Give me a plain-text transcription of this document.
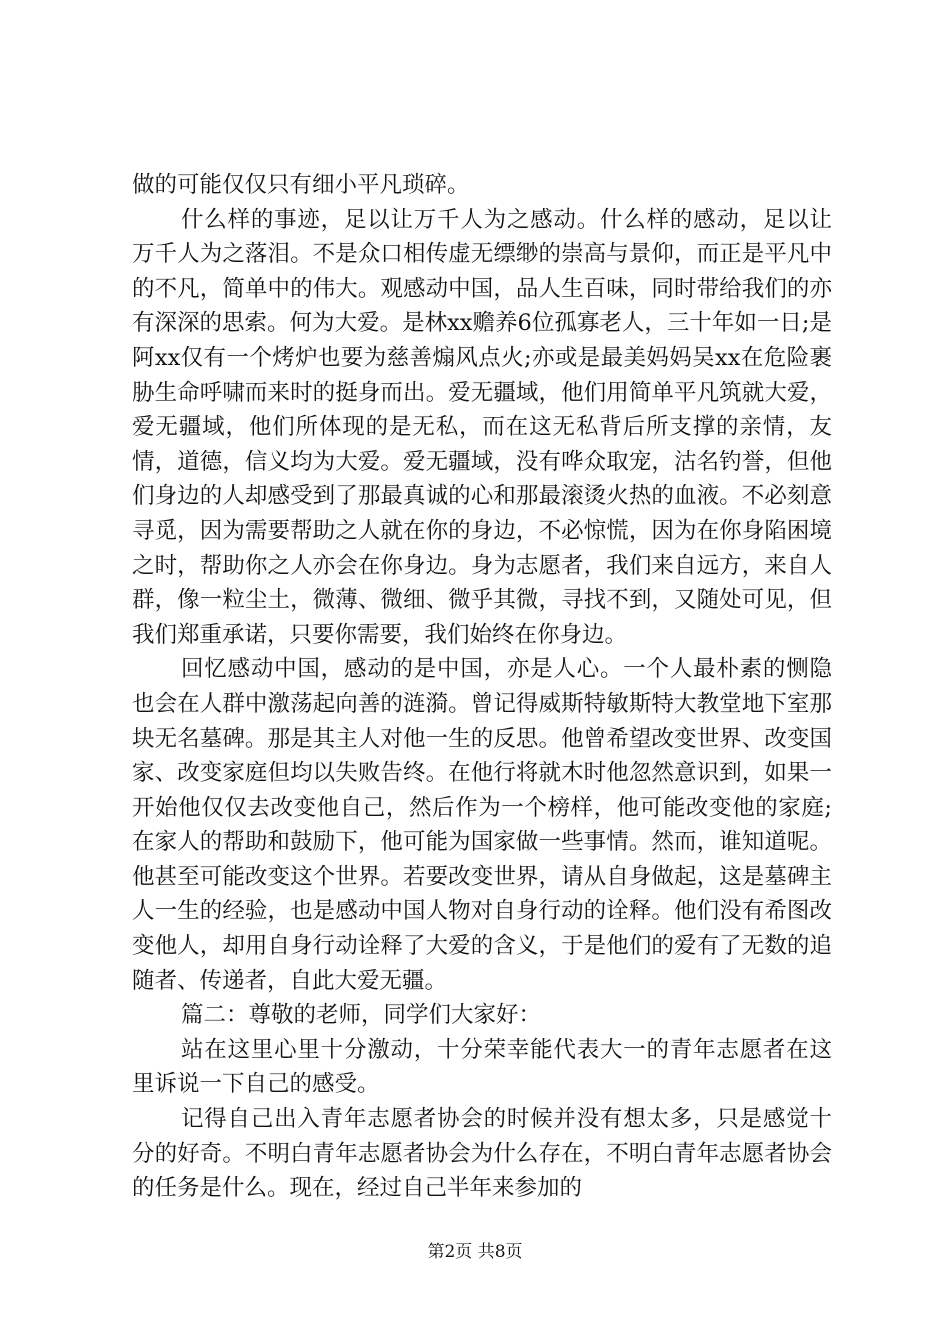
做的可能仅仅只有细小平凡琐碎。

什么样的事迹，足以让万千人为之感动。什么样的感动，足以让万千人为之落泪。不是众口相传虚无缥缈的崇高与景仰，而正是平凡中的不凡，简单中的伟大。观感动中国，品人生百味，同时带给我们的亦有深深的思索。何为大爱。是林xx赡养6位孤寡老人，三十年如一日;是阿xx仅有一个烤炉也要为慈善煽风点火;亦或是最美妈妈吴xx在危险裹胁生命呼啸而来时的挺身而出。爱无疆域，他们用简单平凡筑就大爱，爱无疆域，他们所体现的是无私，而在这无私背后所支撑的亲情，友情，道德，信义均为大爱。爱无疆域，没有哗众取宠，沽名钓誉，但他们身边的人却感受到了那最真诚的心和那最滚烫火热的血液。不必刻意寻觅，因为需要帮助之人就在你的身边，不必惊慌，因为在你身陷困境之时，帮助你之人亦会在你身边。身为志愿者，我们来自远方，来自人群，像一粒尘土，微薄、微细、微乎其微，寻找不到，又随处可见，但我们郑重承诺，只要你需要，我们始终在你身边。

回忆感动中国，感动的是中国，亦是人心。一个人最朴素的恻隐也会在人群中激荡起向善的涟漪。曾记得威斯特敏斯特大教堂地下室那块无名墓碑。那是其主人对他一生的反思。他曾希望改变世界、改变国家、改变家庭但均以失败告终。在他行将就木时他忽然意识到，如果一开始他仅仅去改变他自己，然后作为一个榜样，他可能改变他的家庭;在家人的帮助和鼓励下，他可能为国家做一些事情。然而，谁知道呢。他甚至可能改变这个世界。若要改变世界，请从自身做起，这是墓碑主人一生的经验，也是感动中国人物对自身行动的诠释。他们没有希图改变他人，却用自身行动诠释了大爱的含义，于是他们的爱有了无数的追随者、传递者，自此大爱无疆。

篇二：尊敬的老师，同学们大家好：

站在这里心里十分激动，十分荣幸能代表大一的青年志愿者在这里诉说一下自己的感受。

记得自己出入青年志愿者协会的时候并没有想太多，只是感觉十分的好奇。不明白青年志愿者协会为什么存在，不明白青年志愿者协会的任务是什么。现在，经过自己半年来参加的

第2页 共8页
